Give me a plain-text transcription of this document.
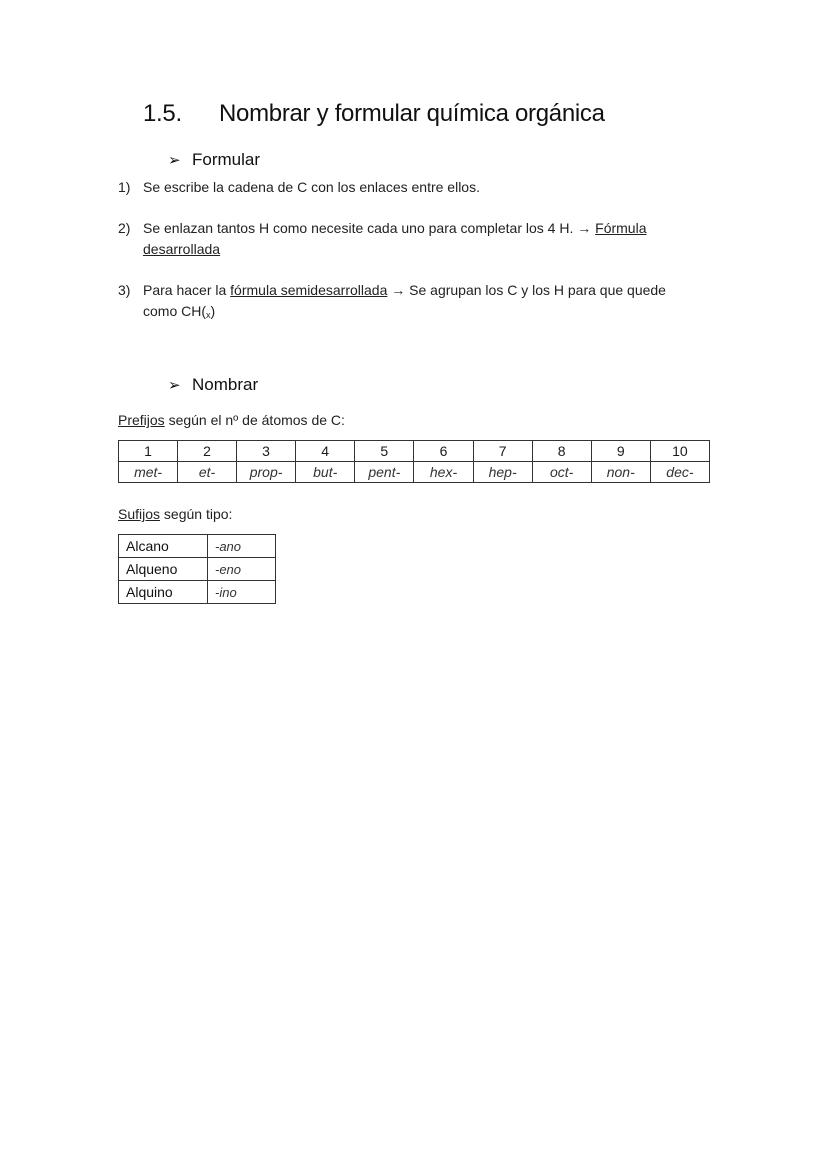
1.5. Nombrar y formular química orgánica
➢ Formular
1) Se escribe la cadena de C con los enlaces entre ellos.
2) Se enlazan tantos H como necesite cada uno para completar los 4 H. → Fórmula desarrollada
3) Para hacer la fórmula semidesarrollada → Se agrupan los C y los H para que quede como $CH(_x)$
➢ Nombrar
Prefijos según el nº de átomos de C:
1	2	3	4	5	6	7	8	9	10
met-	et-	prop-	but-	pent-	hex-	hep-	oct-	non-	dec-
Sufijos según tipo:
Alcano	-ano
Alqueno	-eno
Alquino	-ino
